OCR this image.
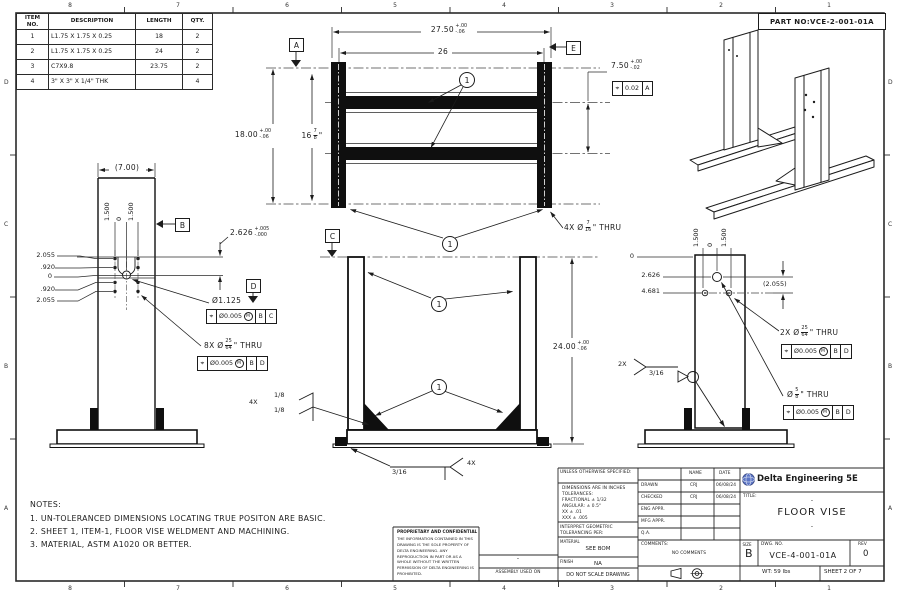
8	7	6	5	4	3	2	1
8	7	6	5	4	3	2	1
D
C
B
A
D
C
B
A
ITEM NO.	DESCRIPTION	LENGTH	QTY.
1	L1.75 X 1.75 X 0.25	18	2
2	L1.75 X 1.75 X 0.25	24	2
3	C7X9.8	23.75	2
4	3" X 3" X 1/4" THK		4
PART NO:VCE-2-001-01A
27.50 +.00
-.06
26
18.00 +.00
-.06	$16 \frac{7}{8}$ "
7.50 +.00
-.02
⌖ 0.02 A
4X Ø $\frac{7}{16}$ " THRU
1
1
A	E
C
(7.00)
1.500 0 1.500
2.055
.920
0
.920
2.055
B
2.626 +.005
-.000
D
Ø1.125
⌖ Ø0.005 M	B C
8X Ø $\frac{25}{64}$ " THRU
⌖ Ø0.005 M	B D
1
1
24.00 +.00
-.06
4X
1/8
1/8
3/16
4X
1.500 0 1.500
0
2.626
4.681
(2.055)
2X Ø $\frac{25}{64}$ " THRU
⌖ Ø0.005 M	B D
Ø $\frac{5}{8}$ " THRU
⌖ Ø0.005 M	B D
2X
3/16
NOTES:
1. UN-TOLERANCED DIMENSIONS LOCATING TRUE POSITON ARE BASIC.
2. SHEET 1, ITEM-1, FLOOR VISE WELDMENT AND MACHINING.
3. MATERIAL, ASTM A1020 OR BETTER.
PROPRIETARY AND CONFIDENTIAL
THE INFORMATION CONTAINED IN THIS DRAWING IS THE SOLE PROPERTY OF DELTA ENGINEERING. ANY REPRODUCTION IN PART OR AS A WHOLE WITHOUT THE WRITTEN PERMISSION OF DELTA ENGINEERING IS PROHIBITED.
-
ASSEMBLY USED ON
UNLESS OTHERWISE SPECIFIED:
DIMENSIONS ARE IN INCHES
TOLERANCES:
FRACTIONAL ± 1/32
ANGULAR: ± 0.5°
XX ± .01
XXX ± .005
INTERPRET GEOMETRIC
TOLERANCING PER:
MATERIAL
SEE BOM
FINISH	NA
DO NOT SCALE DRAWING
NAME	DATE
DRAWN	CRJ	06/08/24
CHECKED	CRJ	06/08/24
ENG APPR.
MFG APPR.
Q.A.
COMMENTS:
NO COMMENTS
Delta Engineering 5E
TITLE:
-
FLOOR VISE
-
SIZE
B
DWG. NO.
VCE-4-001-01A
REV
0
WT: 59 lbs	SHEET 2 OF 7
